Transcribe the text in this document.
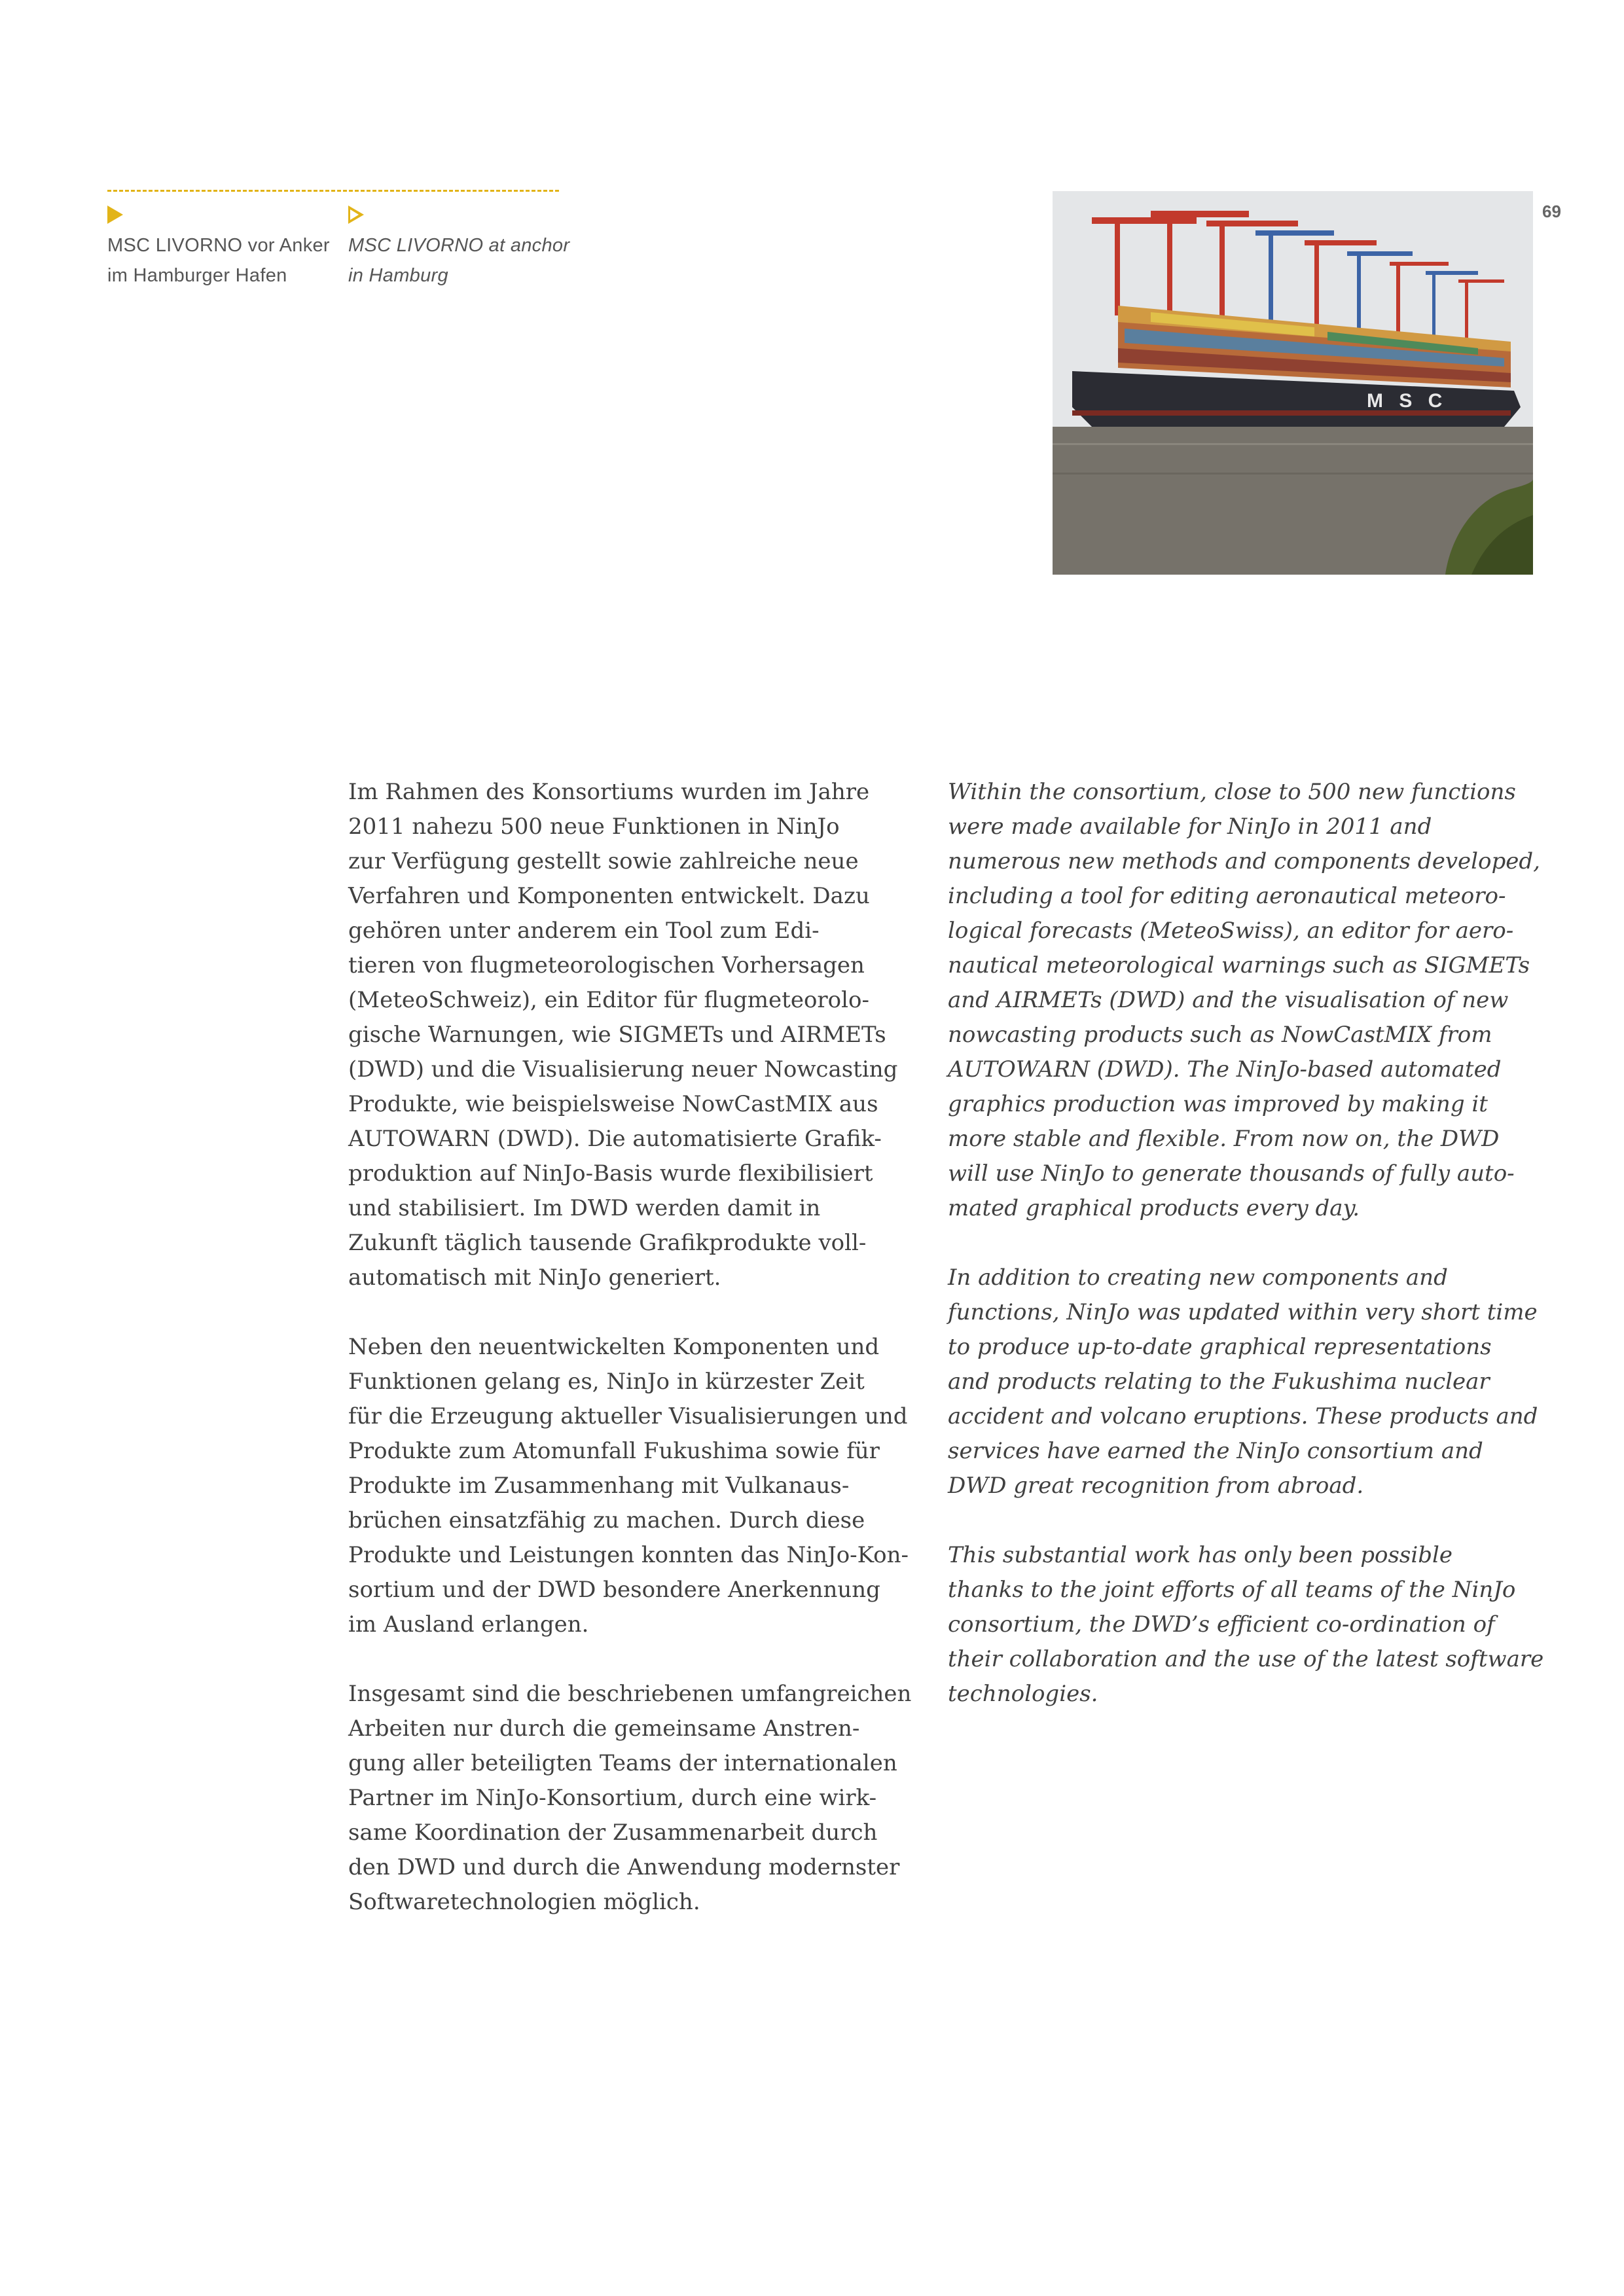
MSC LIVORNO vor Anker
im Hamburger Hafen
MSC LIVORNO at anchor
in Hamburg
69
M S C

Im Rahmen des Konsortiums wurden im Jahre
2011 nahezu 500 neue Funktionen in NinJo
zur Verfügung gestellt sowie zahlreiche neue
Verfahren und Komponenten entwickelt. Dazu
gehören unter anderem ein Tool zum Edi-
tieren von flugmeteorologischen Vorhersagen
(MeteoSchweiz), ein Editor für flugmeteorolo-
gische Warnungen, wie SIGMETs und AIRMETs
(DWD) und die Visualisierung neuer Nowcasting
Produkte, wie beispielsweise NowCastMIX aus
AUTOWARN (DWD). Die automatisierte Grafik-
produktion auf NinJo-Basis wurde flexibilisiert
und stabilisiert. Im DWD werden damit in
Zukunft täglich tausende Grafikprodukte voll-
automatisch mit NinJo generiert.

Neben den neuentwickelten Komponenten und
Funktionen gelang es, NinJo in kürzester Zeit
für die Erzeugung aktueller Visualisierungen und
Produkte zum Atomunfall Fukushima sowie für
Produkte im Zusammenhang mit Vulkanaus-
brüchen einsatzfähig zu machen. Durch diese
Produkte und Leistungen konnten das NinJo-Kon-
sortium und der DWD besondere Anerkennung
im Ausland erlangen.

Insgesamt sind die beschriebenen umfangreichen
Arbeiten nur durch die gemeinsame Anstren-
gung aller beteiligten Teams der internationalen
Partner im NinJo-Konsortium, durch eine wirk-
same Koordination der Zusammenarbeit durch
den DWD und durch die Anwendung modernster
Softwaretechnologien möglich.

Within the consortium, close to 500 new functions
were made available for NinJo in 2011 and
numerous new methods and components developed,
including a tool for editing aeronautical meteoro-
logical forecasts (MeteoSwiss), an editor for aero-
nautical meteorological warnings such as SIGMETs
and AIRMETs (DWD) and the visualisation of new
nowcasting products such as NowCastMIX from
AUTOWARN (DWD). The NinJo-based automated
graphics production was improved by making it
more stable and flexible. From now on, the DWD
will use NinJo to generate thousands of fully auto-
mated graphical products every day.

In addition to creating new components and
functions, NinJo was updated within very short time
to produce up-to-date graphical representations
and products relating to the Fukushima nuclear
accident and volcano eruptions. These products and
services have earned the NinJo consortium and
DWD great recognition from abroad.

This substantial work has only been possible
thanks to the joint efforts of all teams of the NinJo
consortium, the DWD’s efficient co-ordination of
their collaboration and the use of the latest software
technologies.
